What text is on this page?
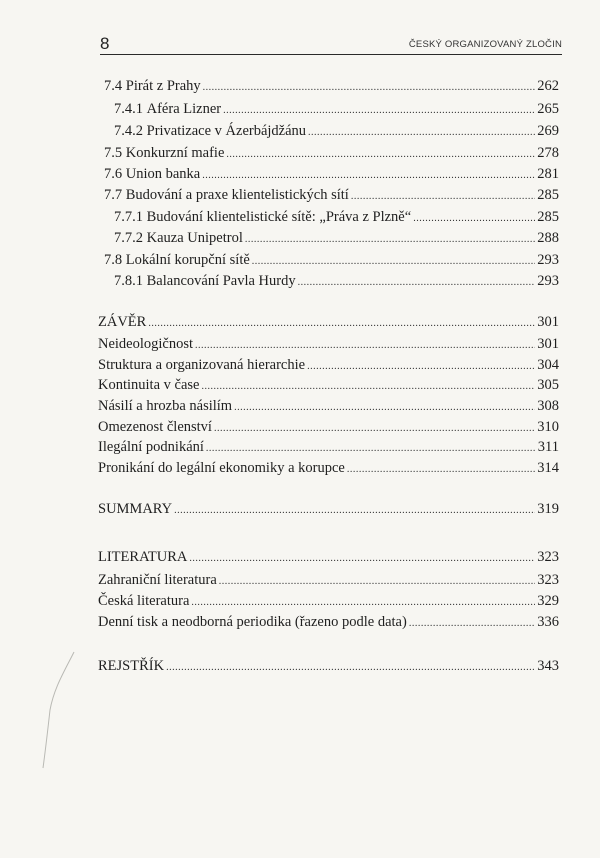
8	ČESKÝ ORGANIZOVANÝ ZLOČIN
7.4 Pirát z Prahy .....	262
7.4.1 Aféra Lizner .....	265
7.4.2 Privatizace v Ázerbájdžánu .....	269
7.5 Konkurzní mafie .....	278
7.6 Union banka .....	281
7.7 Budování a praxe klientelistických sítí .....	285
7.7.1 Budování klientelistické sítě: „Práva z Plzně“ .....	285
7.7.2 Kauza Unipetrol .....	288
7.8 Lokální korupční sítě .....	293
7.8.1 Balancování Pavla Hurdy .....	293
ZÁVĚR .....	301
Neideologičnost .....	301
Struktura a organizovaná hierarchie .....	304
Kontinuita v čase .....	305
Násilí a hrozba násilím .....	308
Omezenost členství .....	310
Ilegální podnikání .....	311
Pronikání do legální ekonomiky a korupce .....	314
SUMMARY .....	319
LITERATURA .....	323
Zahraniční literatura .....	323
Česká literatura .....	329
Denní tisk a neodborná periodika (řazeno podle data) .....	336
REJSTŘÍK .....	343
